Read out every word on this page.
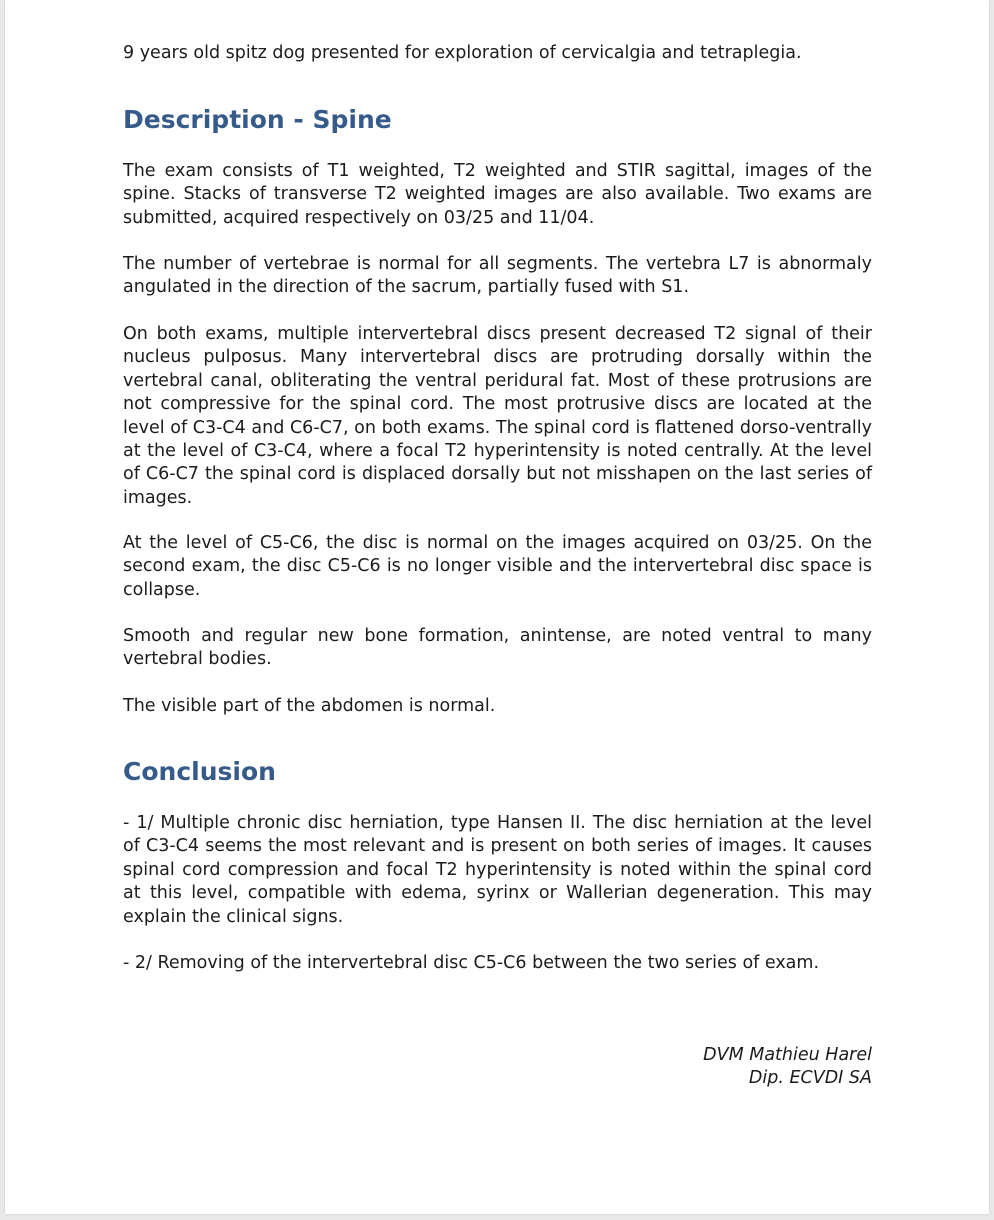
9 years old spitz dog presented for exploration of cervicalgia and tetraplegia.

Description - Spine

The exam consists of T1 weighted, T2 weighted and STIR sagittal, images of the spine. Stacks of transverse T2 weighted images are also available. Two exams are submitted, acquired respectively on 03/25 and 11/04.

The number of vertebrae is normal for all segments. The vertebra L7 is abnormaly angulated in the direction of the sacrum, partially fused with S1.

On both exams, multiple intervertebral discs present decreased T2 signal of their nucleus pulposus. Many intervertebral discs are protruding dorsally within the vertebral canal, obliterating the ventral peridural fat. Most of these protrusions are not compressive for the spinal cord. The most protrusive discs are located at the level of C3-C4 and C6-C7, on both exams. The spinal cord is flattened dorso-ventrally at the level of C3-C4, where a focal T2 hyperintensity is noted centrally. At the level of C6-C7 the spinal cord is displaced dorsally but not misshapen on the last series of images.

At the level of C5-C6, the disc is normal on the images acquired on 03/25. On the second exam, the disc C5-C6 is no longer visible and the intervertebral disc space is collapse.

Smooth and regular new bone formation, anintense, are noted ventral to many vertebral bodies.

The visible part of the abdomen is normal.

Conclusion

- 1/ Multiple chronic disc herniation, type Hansen II. The disc herniation at the level of C3-C4 seems the most relevant and is present on both series of images. It causes spinal cord compression and focal T2 hyperintensity is noted within the spinal cord at this level, compatible with edema, syrinx or Wallerian degeneration. This may explain the clinical signs.

- 2/ Removing of the intervertebral disc C5-C6 between the two series of exam.

DVM Mathieu Harel
Dip. ECVDI SA
